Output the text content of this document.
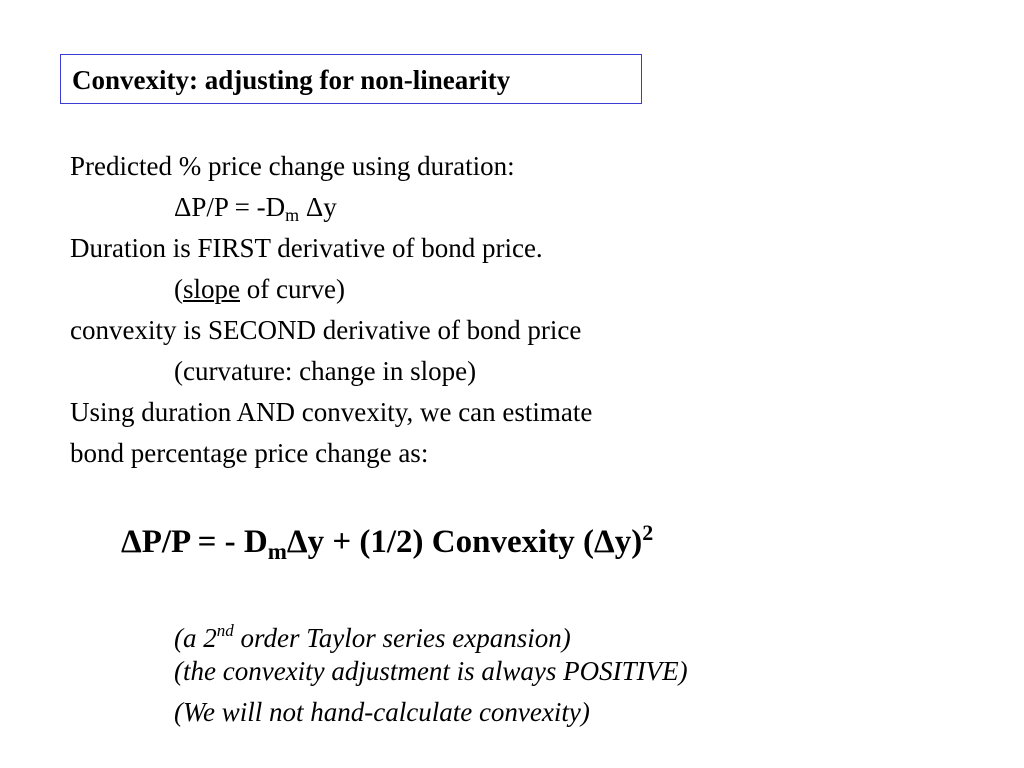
Convexity: adjusting for non-linearity
Predicted % price change using duration:
$\Delta P/P = -D_m$ Δy
Duration is FIRST derivative of bond price.
(slope of curve)
convexity is SECOND derivative of bond price
(curvature: change in slope)
Using duration AND convexity, we can estimate
bond percentage price change as:
ΔP/P = - $D_m\Delta y + (1/2)$ Convexity $(\Delta y)^2$
(a 2nd order Taylor series expansion)
(the convexity adjustment is always POSITIVE)
(We will not hand-calculate convexity)
